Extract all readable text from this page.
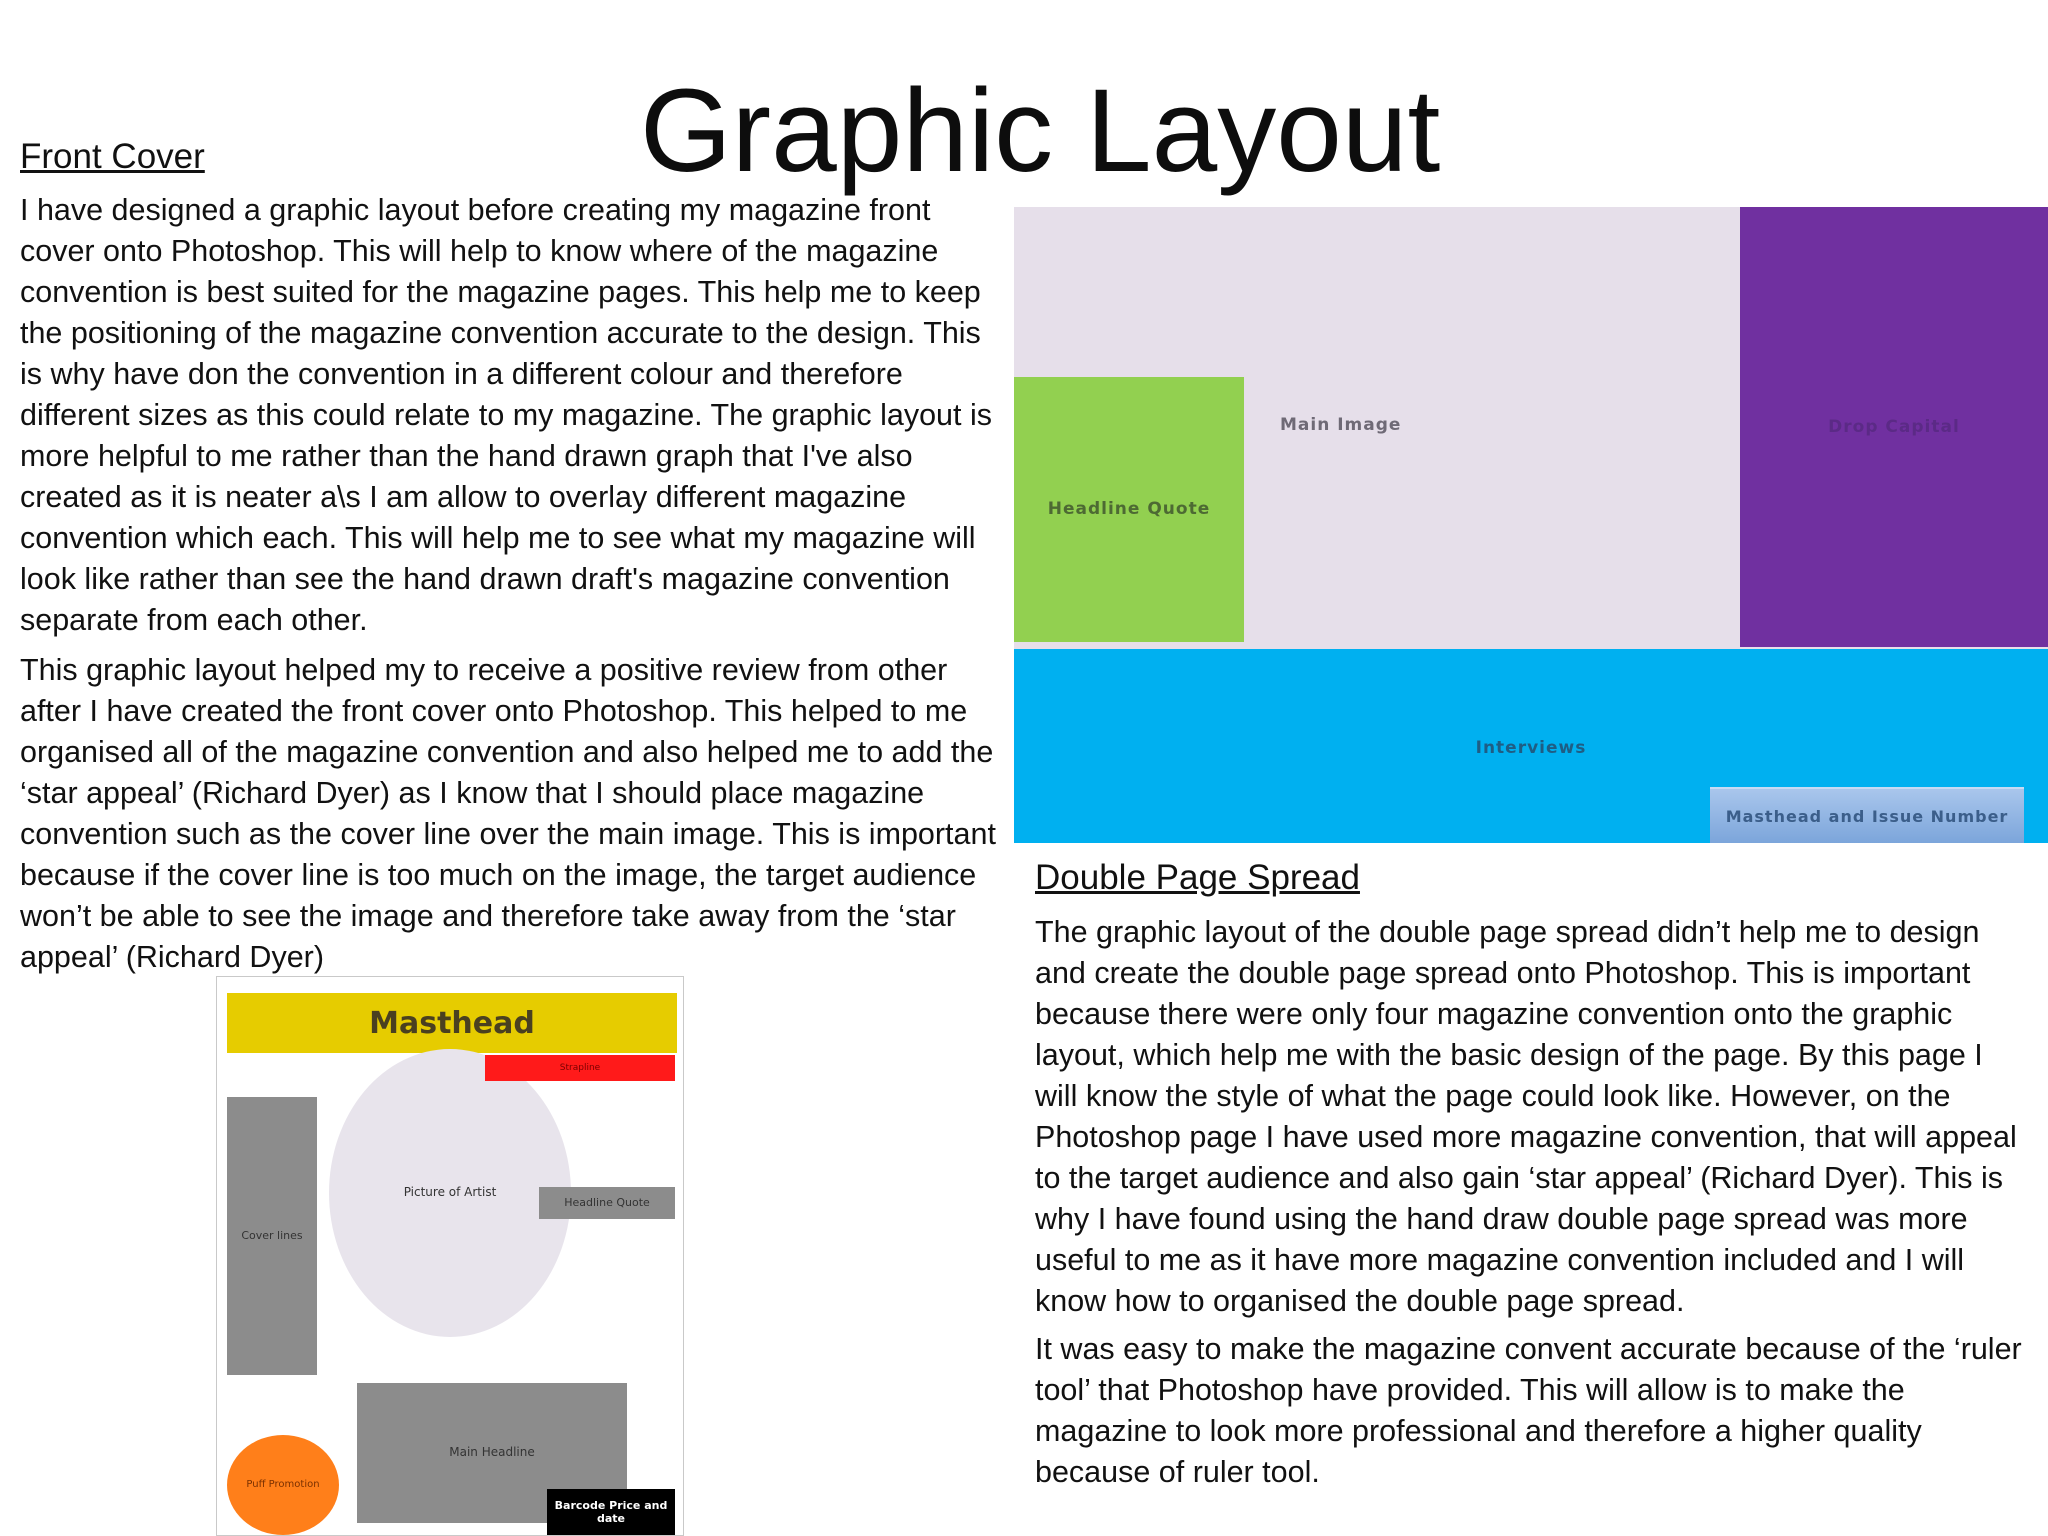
Graphic Layout
Front Cover

I have designed a graphic layout before creating my magazine front cover onto Photoshop. This will help to know where of the magazine convention is best suited for the magazine pages. This help me to keep the positioning of the magazine convention accurate to the design. This is why have don the convention in a different colour and therefore different sizes as this could relate to my magazine. The graphic layout is more helpful to me rather than the hand drawn graph that I've also created as it is neater a\s I am allow to overlay different magazine convention which each. This will help me to see what my magazine will look like rather than see the hand drawn draft's magazine convention separate from each other.

This graphic layout helped my to receive a positive review from other after I have created the front cover onto Photoshop. This helped to me organised all of the magazine convention and also helped me to add the ‘star appeal’ (Richard Dyer) as I know that I should place magazine convention such as the cover line over the main image. This is important because if the cover line is too much on the image, the target audience won’t be able to see the image and therefore take away from the ‘star appeal’ (Richard Dyer)

Main Image
Headline Quote
Drop Capital
Interviews
Masthead and Issue Number
Double Page Spread

The graphic layout of the double page spread didn’t help me to design and create the double page spread onto Photoshop. This is important because there were only four magazine convention onto the graphic layout, which help me with the basic design of the page. By this page I will know the style of what the page could look like. However, on the Photoshop page I have used more magazine convention, that will appeal to the target audience and also gain ‘star appeal’ (Richard Dyer). This is why I have found using the hand draw double page spread was more useful to me as it have more magazine convention included and I will know how to organised the double page spread.

It was easy to make the magazine convent accurate because of the ‘ruler tool’ that Photoshop have provided. This will allow is to make the magazine to look more professional and therefore a higher quality because of ruler tool.

Masthead
Picture of Artist
Strapline
Cover lines
Headline Quote
Main Headline
Puff Promotion
Barcode Price and date
